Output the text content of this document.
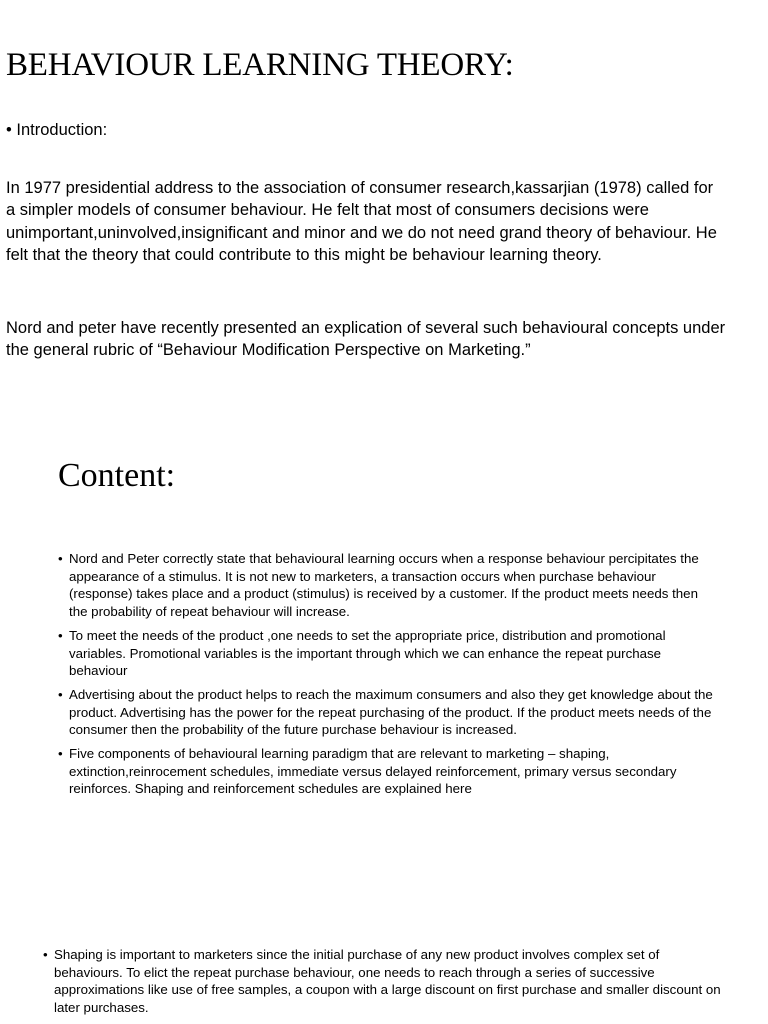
BEHAVIOUR LEARNING THEORY:
• Introduction:

In 1977 presidential address to the association of consumer research,kassarjian (1978) called for a simpler models of consumer behaviour. He felt that most of consumers decisions were unimportant,uninvolved,insignificant and minor and we do not need grand theory of behaviour. He felt that the theory that could contribute to this might be behaviour learning theory.

Nord and peter have recently presented an explication of several such behavioural concepts under the general rubric of “Behaviour Modification Perspective on Marketing.”

Content:
• Nord and Peter correctly state that behavioural learning occurs when a response behaviour percipitates the appearance of a stimulus. It is not new to marketers, a transaction occurs when purchase behaviour (response) takes place and a product (stimulus) is received by a customer. If the product meets needs then the probability of repeat behaviour will increase.
• To meet the needs of the product ,one needs to set the appropriate price, distribution and promotional variables. Promotional variables is the important through which we can enhance the repeat purchase behaviour
• Advertising about the product helps to reach the maximum consumers and also they get knowledge about the product. Advertising has the power for the repeat purchasing of the product. If the product meets needs of the consumer then the probability of the future purchase behaviour is increased.
• Five components of behavioural learning paradigm that are relevant to marketing – shaping, extinction,reinrocement schedules, immediate versus delayed reinforcement, primary versus secondary reinforces. Shaping and reinforcement schedules are explained here
• Shaping is important to marketers since the initial purchase of any new product involves complex set of behaviours. To elict the repeat purchase behaviour, one needs to reach through a series of successive approximations like use of free samples, a coupon with a large discount on first purchase and smaller discount on later purchases.
